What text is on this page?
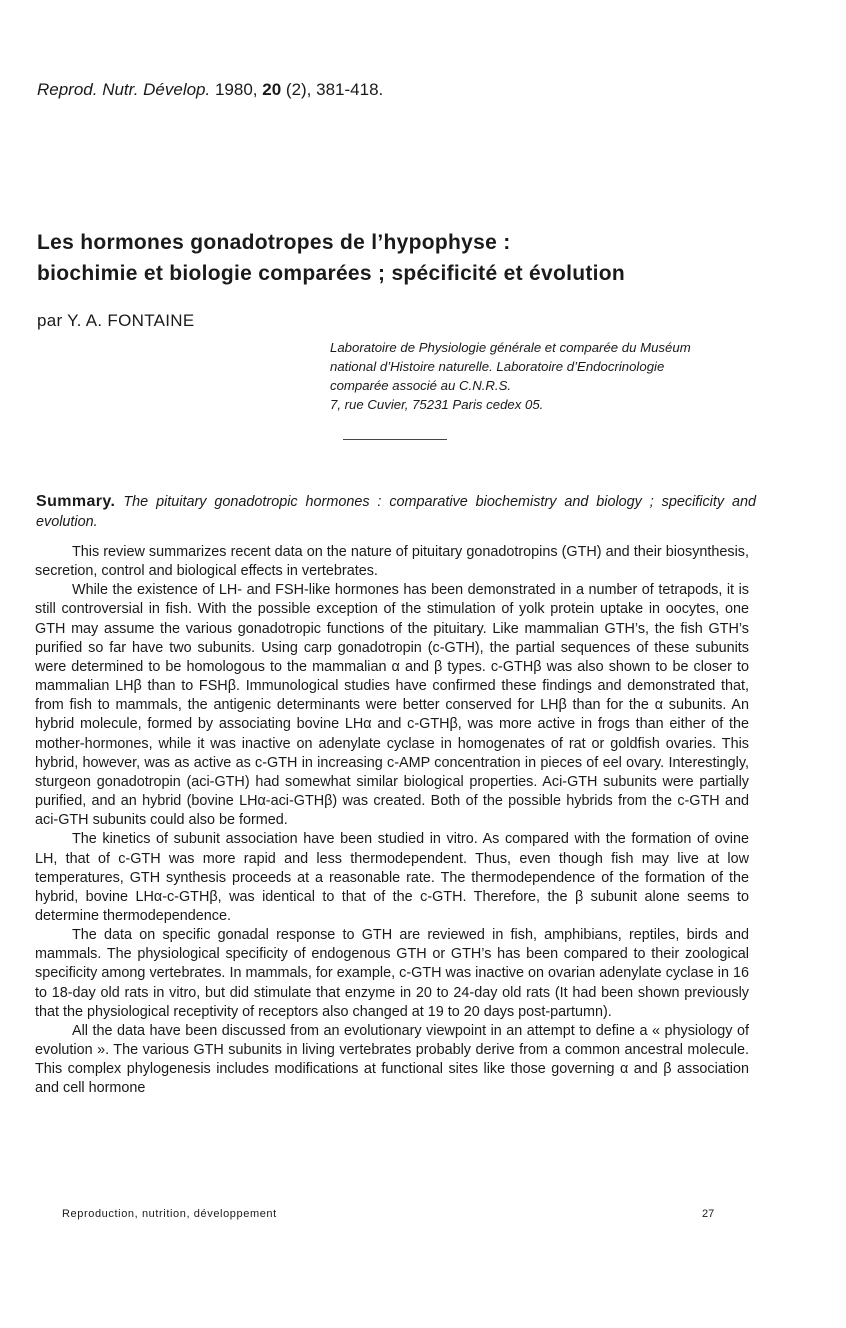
Reprod. Nutr. Dévelop. 1980, 20 (2), 381-418.
Les hormones gonadotropes de l’hypophyse :
biochimie et biologie comparées ; spécificité et évolution
par Y. A. FONTAINE
Laboratoire de Physiologie générale et comparée du Muséum
national d’Histoire naturelle. Laboratoire d’Endocrinologie
comparée associé au C.N.R.S.
7, rue Cuvier, 75231 Paris cedex 05.
Summary. The pituitary gonadotropic hormones : comparative biochemistry and biology ; specificity and evolution.

This review summarizes recent data on the nature of pituitary gonadotropins (GTH) and their biosynthesis, secretion, control and biological effects in vertebrates.

While the existence of LH- and FSH-like hormones has been demonstrated in a number of tetrapods, it is still controversial in fish. With the possible exception of the stimulation of yolk protein uptake in oocytes, one GTH may assume the various gonadotropic functions of the pituitary. Like mammalian GTH’s, the fish GTH’s purified so far have two subunits. Using carp gonadotropin (c-GTH), the partial sequences of these subunits were determined to be homologous to the mammalian α and β types. c-GTHβ was also shown to be closer to mammalian LHβ than to FSHβ. Immunological studies have confirmed these findings and demonstrated that, from fish to mammals, the antigenic determinants were better conserved for LHβ than for the α subunits. An hybrid molecule, formed by associating bovine LHα and c-GTHβ, was more active in frogs than either of the mother-hormones, while it was inactive on adenylate cyclase in homogenates of rat or goldfish ovaries. This hybrid, however, was as active as c-GTH in increasing c-AMP concentration in pieces of eel ovary. Interestingly, sturgeon gonadotropin (aci-GTH) had somewhat similar biological properties. Aci-GTH subunits were partially purified, and an hybrid (bovine LHα-aci-GTHβ) was created. Both of the possible hybrids from the c-GTH and aci-GTH subunits could also be formed.

The kinetics of subunit association have been studied in vitro. As compared with the formation of ovine LH, that of c-GTH was more rapid and less thermodependent. Thus, even though fish may live at low temperatures, GTH synthesis proceeds at a reasonable rate. The thermodependence of the formation of the hybrid, bovine LHα-c-GTHβ, was identical to that of the c-GTH. Therefore, the β subunit alone seems to determine thermodependence.

The data on specific gonadal response to GTH are reviewed in fish, amphibians, reptiles, birds and mammals. The physiological specificity of endogenous GTH or GTH’s has been compared to their zoological specificity among vertebrates. In mammals, for example, c-GTH was inactive on ovarian adenylate cyclase in 16 to 18-day old rats in vitro, but did stimulate that enzyme in 20 to 24-day old rats (It had been shown previously that the physiological receptivity of receptors also changed at 19 to 20 days post-partumn).

All the data have been discussed from an evolutionary viewpoint in an attempt to define a « physiology of evolution ». The various GTH subunits in living vertebrates probably derive from a common ancestral molecule. This complex phylogenesis includes modifications at functional sites like those governing α and β association and cell hormone

Reproduction, nutrition, développement	27
